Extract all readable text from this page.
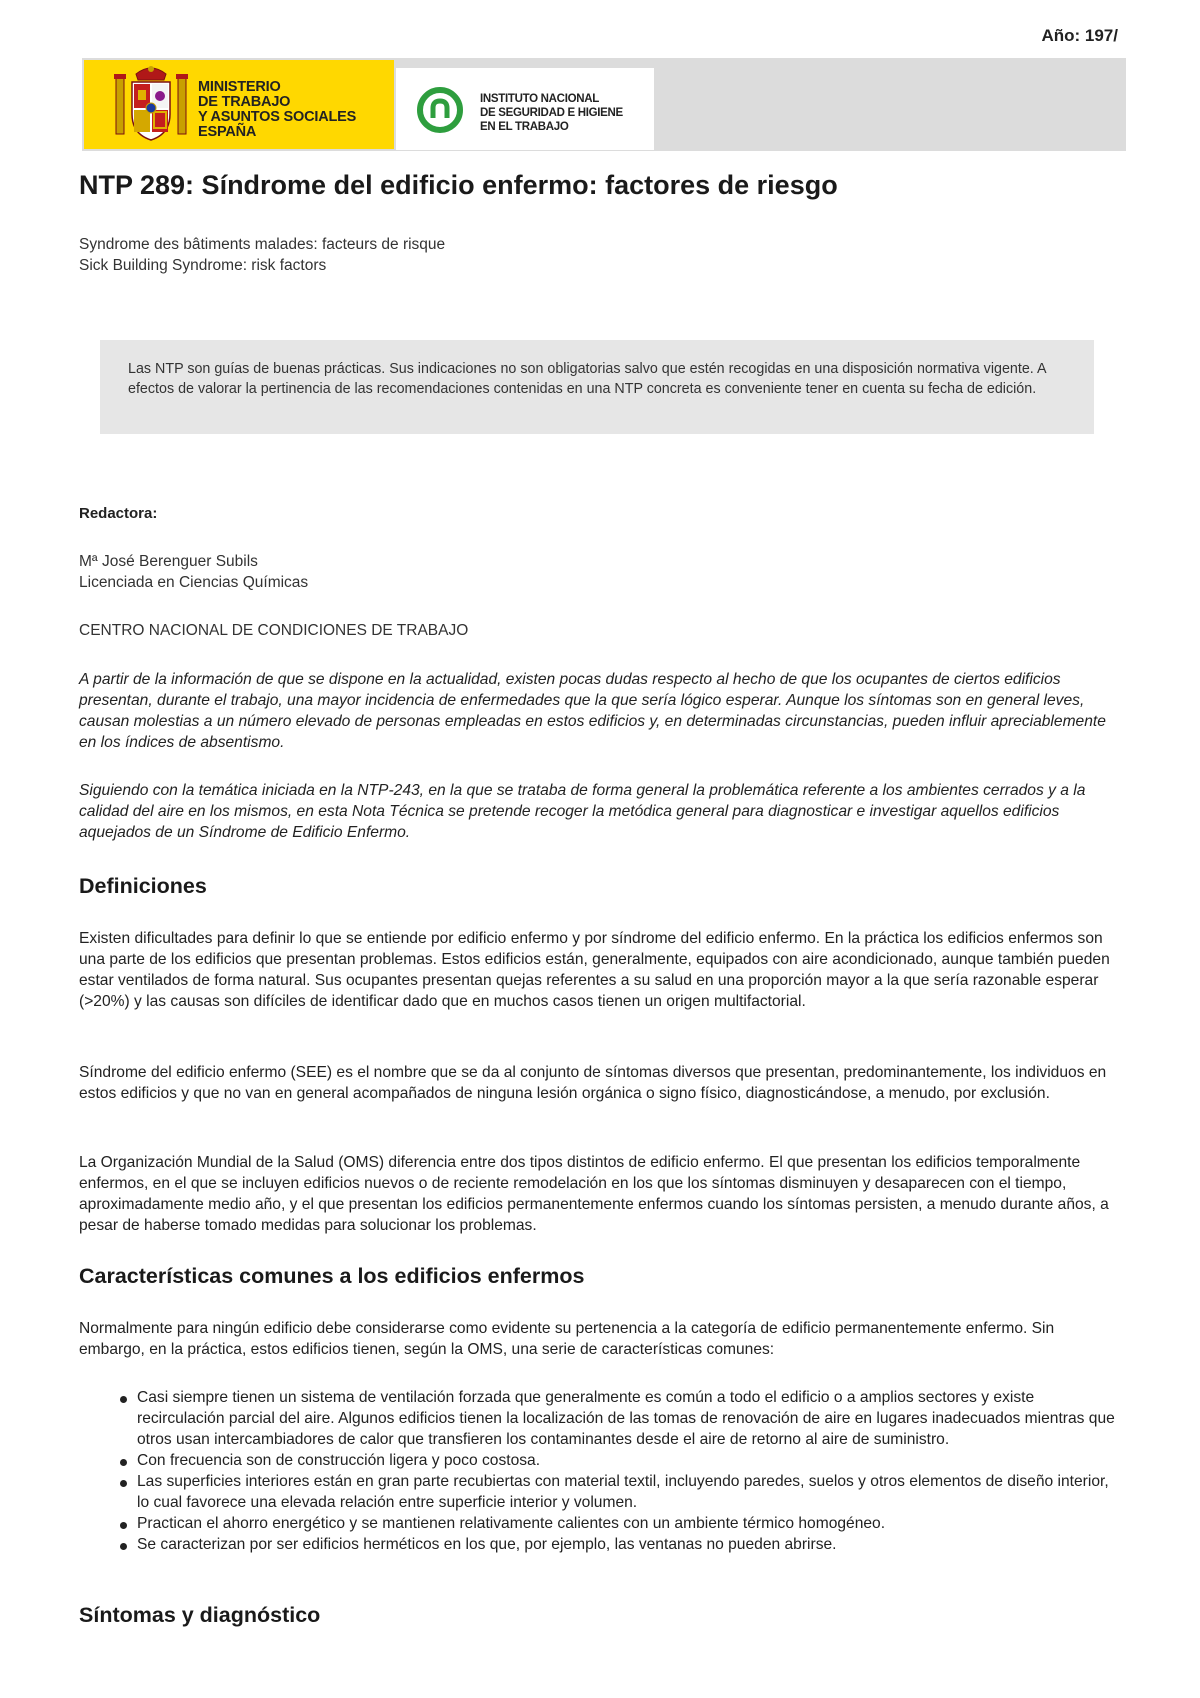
Año: 197/
MINISTERIO
DE TRABAJO
Y ASUNTOS SOCIALES
ESPAÑA
INSTITUTO NACIONAL
DE SEGURIDAD E HIGIENE
EN EL TRABAJO
NTP 289: Síndrome del edificio enfermo: factores de riesgo
Syndrome des bâtiments malades: facteurs de risque
Sick Building Syndrome: risk factors
Las NTP son guías de buenas prácticas. Sus indicaciones no son obligatorias salvo que estén recogidas en una disposición normativa vigente. A efectos de valorar la pertinencia de las recomendaciones contenidas en una NTP concreta es conveniente tener en cuenta su fecha de edición.
Redactora:
Mª José Berenguer Subils
Licenciada en Ciencias Químicas
CENTRO NACIONAL DE CONDICIONES DE TRABAJO

A partir de la información de que se dispone en la actualidad, existen pocas dudas respecto al hecho de que los ocupantes de ciertos edificios presentan, durante el trabajo, una mayor incidencia de enfermedades que la que sería lógico esperar. Aunque los síntomas son en general leves, causan molestias a un número elevado de personas empleadas en estos edificios y, en determinadas circunstancias, pueden influir apreciablemente en los índices de absentismo.

Siguiendo con la temática iniciada en la NTP-243, en la que se trataba de forma general la problemática referente a los ambientes cerrados y a la calidad del aire en los mismos, en esta Nota Técnica se pretende recoger la metódica general para diagnosticar e investigar aquellos edificios aquejados de un Síndrome de Edificio Enfermo.

Definiciones

Existen dificultades para definir lo que se entiende por edificio enfermo y por síndrome del edificio enfermo. En la práctica los edificios enfermos son una parte de los edificios que presentan problemas. Estos edificios están, generalmente, equipados con aire acondicionado, aunque también pueden estar ventilados de forma natural. Sus ocupantes presentan quejas referentes a su salud en una proporción mayor a la que sería razonable esperar (>20%) y las causas son difíciles de identificar dado que en muchos casos tienen un origen multifactorial.

Síndrome del edificio enfermo (SEE) es el nombre que se da al conjunto de síntomas diversos que presentan, predominantemente, los individuos en estos edificios y que no van en general acompañados de ninguna lesión orgánica o signo físico, diagnosticándose, a menudo, por exclusión.

La Organización Mundial de la Salud (OMS) diferencia entre dos tipos distintos de edificio enfermo. El que presentan los edificios temporalmente enfermos, en el que se incluyen edificios nuevos o de reciente remodelación en los que los síntomas disminuyen y desaparecen con el tiempo, aproximadamente medio año, y el que presentan los edificios permanentemente enfermos cuando los síntomas persisten, a menudo durante años, a pesar de haberse tomado medidas para solucionar los problemas.

Características comunes a los edificios enfermos

Normalmente para ningún edificio debe considerarse como evidente su pertenencia a la categoría de edificio permanentemente enfermo. Sin embargo, en la práctica, estos edificios tienen, según la OMS, una serie de características comunes:

Casi siempre tienen un sistema de ventilación forzada que generalmente es común a todo el edificio o a amplios sectores y existe recirculación parcial del aire. Algunos edificios tienen la localización de las tomas de renovación de aire en lugares inadecuados mientras que otros usan intercambiadores de calor que transfieren los contaminantes desde el aire de retorno al aire de suministro.
Con frecuencia son de construcción ligera y poco costosa.
Las superficies interiores están en gran parte recubiertas con material textil, incluyendo paredes, suelos y otros elementos de diseño interior, lo cual favorece una elevada relación entre superficie interior y volumen.
Practican el ahorro energético y se mantienen relativamente calientes con un ambiente térmico homogéneo.
Se caracterizan por ser edificios herméticos en los que, por ejemplo, las ventanas no pueden abrirse.
Síntomas y diagnóstico
